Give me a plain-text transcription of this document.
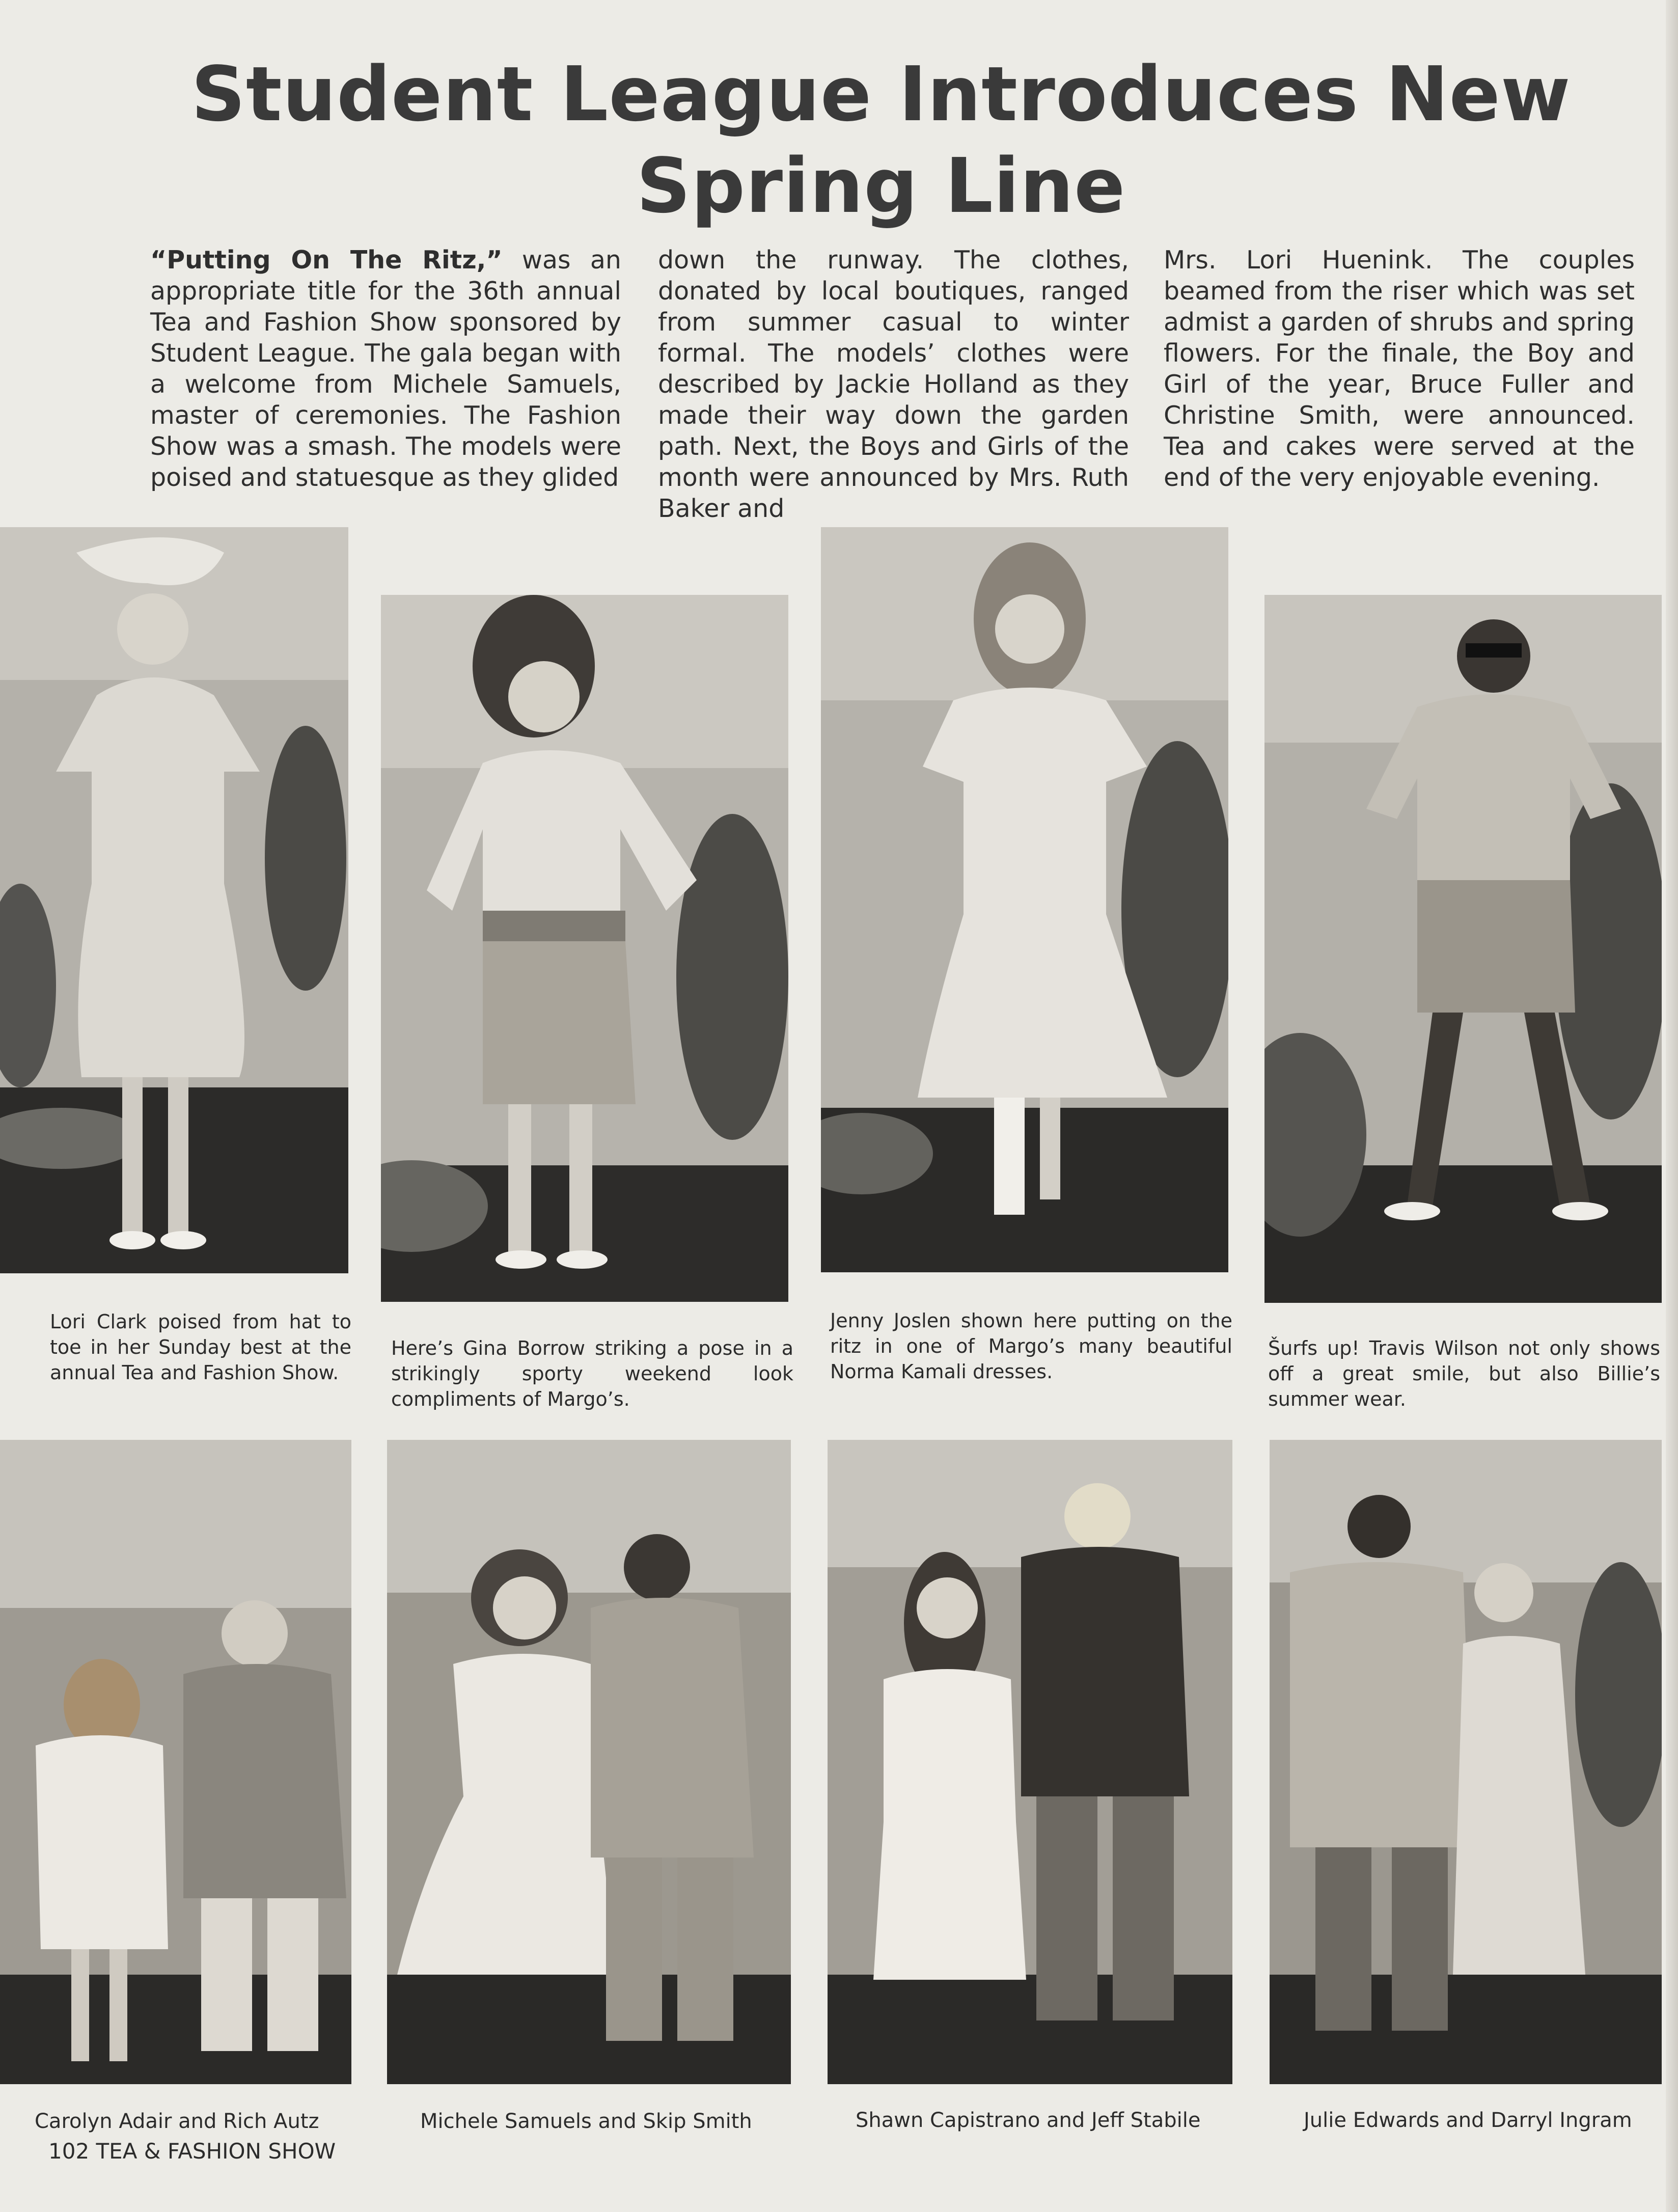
Student League Introduces New Spring Line
“Putting On The Ritz,” was an appropriate title for the 36th annual Tea and Fashion Show sponsored by Student League. The gala began with a welcome from Michele Samuels, master of ceremonies. The Fashion Show was a smash. The models were poised and statuesque as they glided
down the runway. The clothes, donated by local boutiques, ranged from summer casual to winter formal. The models’ clothes were described by Jackie Holland as they made their way down the garden path. Next, the Boys and Girls of the month were announced by Mrs. Ruth Baker and
Mrs. Lori Huenink. The couples beamed from the riser which was set admist a garden of shrubs and spring flowers. For the finale, the Boy and Girl of the year, Bruce Fuller and Christine Smith, were announced. Tea and cakes were served at the end of the very enjoyable evening.
Lori Clark poised from hat to toe in her Sunday best at the annual Tea and Fashion Show.
Here’s Gina Borrow striking a pose in a strikingly sporty weekend look compliments of Margo’s.
Jenny Joslen shown here putting on the ritz in one of Margo’s many beautiful Norma Kamali dresses.
Šurfs up! Travis Wilson not only shows off a great smile, but also Billie’s summer wear.
Carolyn Adair and Rich Autz	Michele Samuels and Skip Smith	Shawn Capistrano and Jeff Stabile	Julie Edwards and Darryl Ingram
102 TEA & FASHION SHOW
